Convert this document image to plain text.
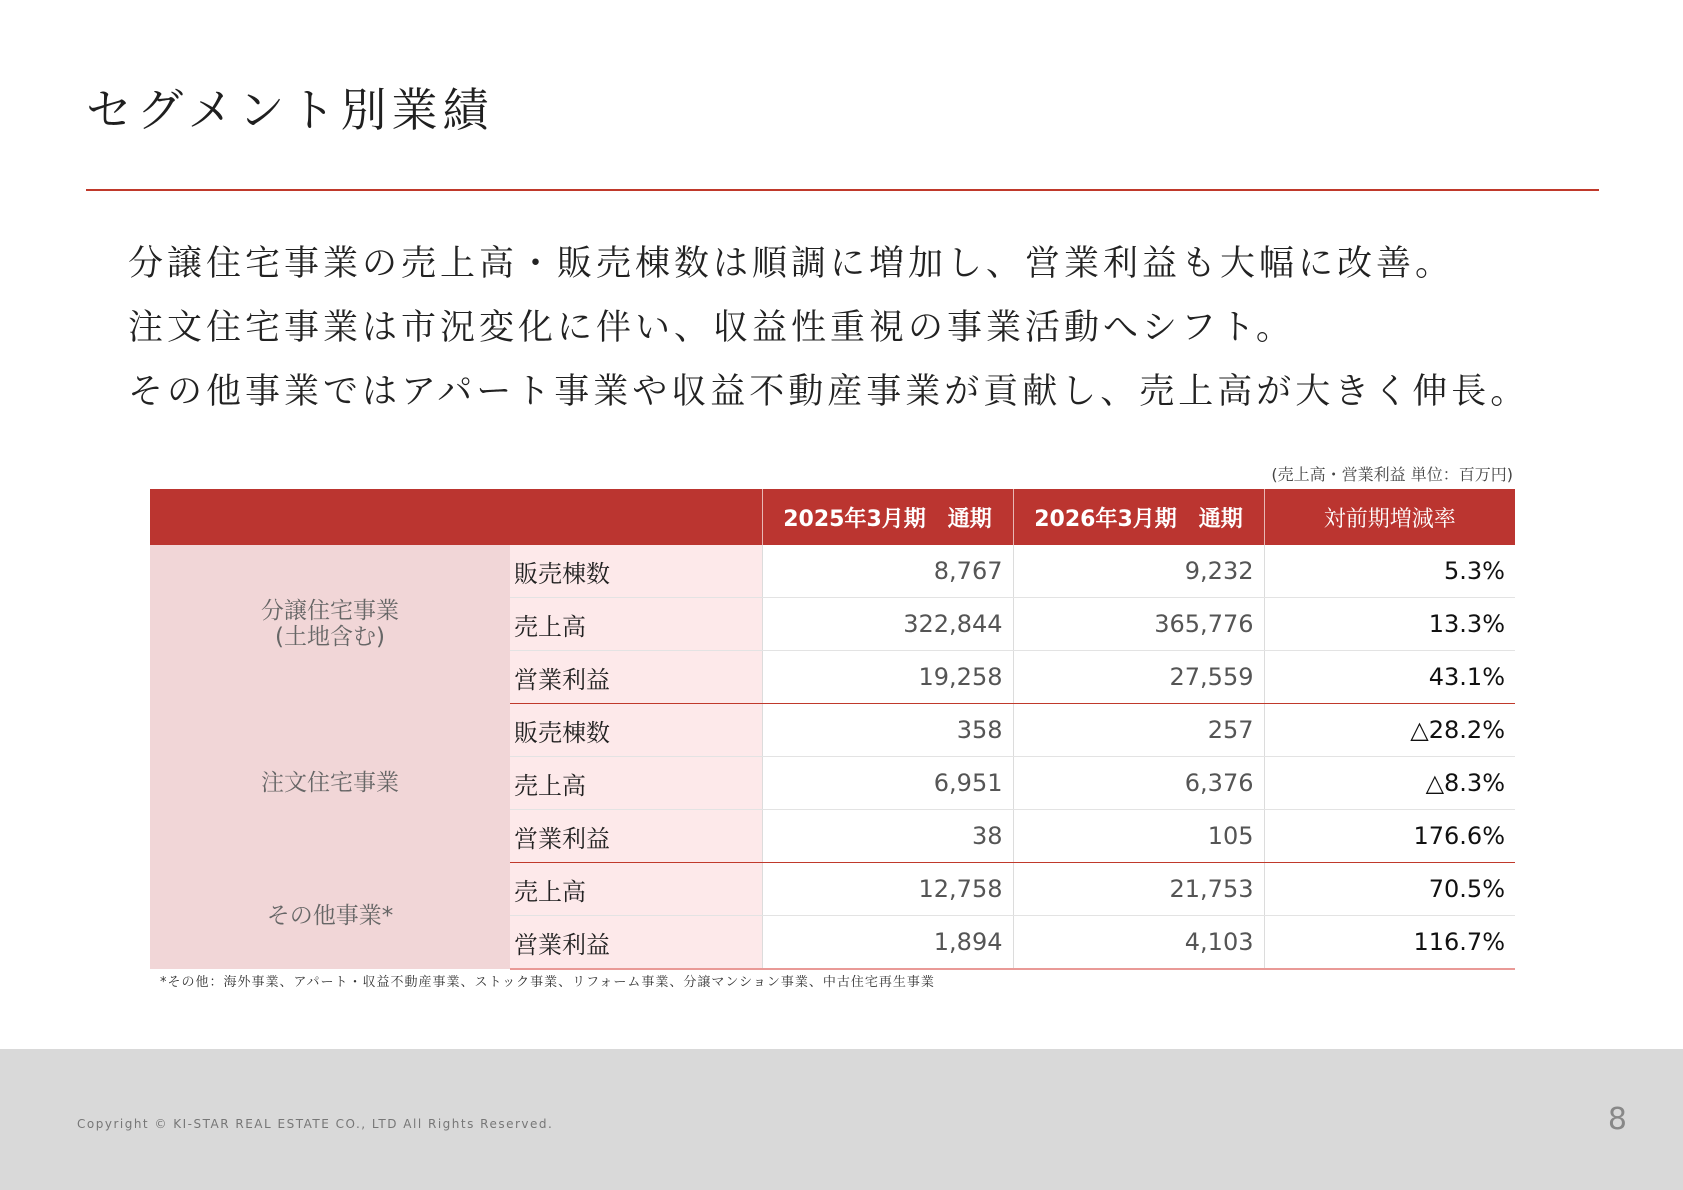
セグメント別業績
分譲住宅事業の売上高・販売棟数は順調に増加し、営業利益も大幅に改善。
注文住宅事業は市況変化に伴い、収益性重視の事業活動へシフト。
その他事業ではアパート事業や収益不動産事業が貢献し、売上高が大きく伸長。
(売上高・営業利益 単位：百万円)
		2025年3月期　通期	2026年3月期　通期	対前期増減率

分譲住宅事業
(土地含む)	販売棟数	8,767	9,232	5.3%
	売上高	322,844	365,776	13.3%
	営業利益	19,258	27,559	43.1%

注文住宅事業	販売棟数	358	257	△28.2%
	売上高	6,951	6,376	△8.3%
	営業利益	38	105	176.6%

その他事業*	売上高	12,758	21,753	70.5%
	営業利益	1,894	4,103	116.7%
*その他：海外事業、アパート・収益不動産事業、ストック事業、リフォーム事業、分譲マンション事業、中古住宅再生事業
Copyright © KI-STAR REAL ESTATE CO., LTD All Rights Reserved.	8
